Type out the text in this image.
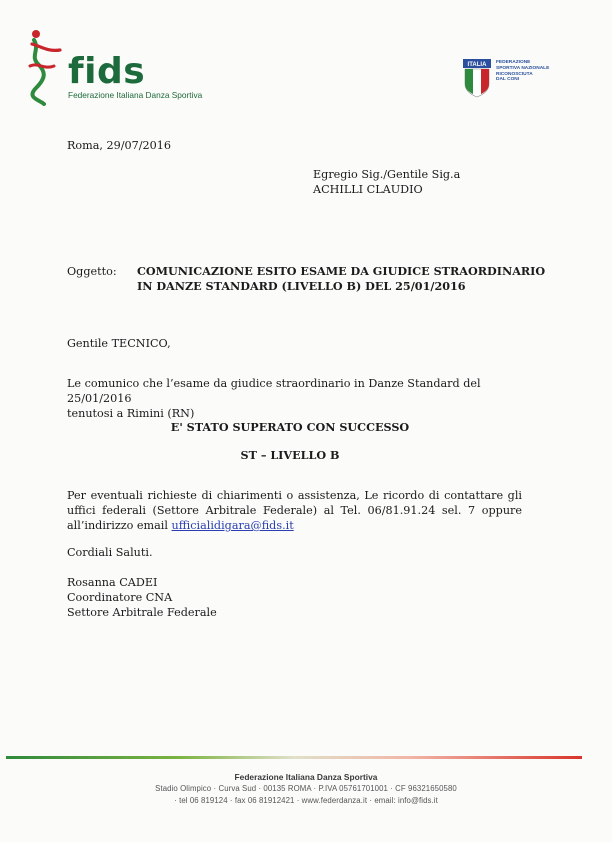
fids
Federazione Italiana Danza Sportiva
ITALIA FEDERAZIONE
SPORTIVA NAZIONALE
RICONOSCIUTA
DAL CONI
Roma, 29/07/2016
Egregio Sig./Gentile Sig.a
ACHILLI CLAUDIO
Oggetto: COMUNICAZIONE ESITO ESAME DA GIUDICE STRAORDINARIO
IN DANZE STANDARD (LIVELLO B) DEL 25/01/2016
Gentile TECNICO,
Le comunico che l’esame da giudice straordinario in Danze Standard del 25/01/2016
tenutosi a Rimini (RN)
E' STATO SUPERATO CON SUCCESSO
ST – LIVELLO B
Per eventuali richieste di chiarimenti o assistenza, Le ricordo di contattare gli uffici federali (Settore Arbitrale Federale) al Tel. 06/81.91.24 sel. 7 oppure all’indirizzo email ufficialidigara@fids.it
Cordiali Saluti.
Rosanna CADEI
Coordinatore CNA
Settore Arbitrale Federale
Federazione Italiana Danza Sportiva
Stadio Olimpico · Curva Sud · 00135 ROMA · P.IVA 05761701001 · CF 96321650580
· tel 06 819124 · fax 06 81912421 · www.federdanza.it · email: info@fids.it
